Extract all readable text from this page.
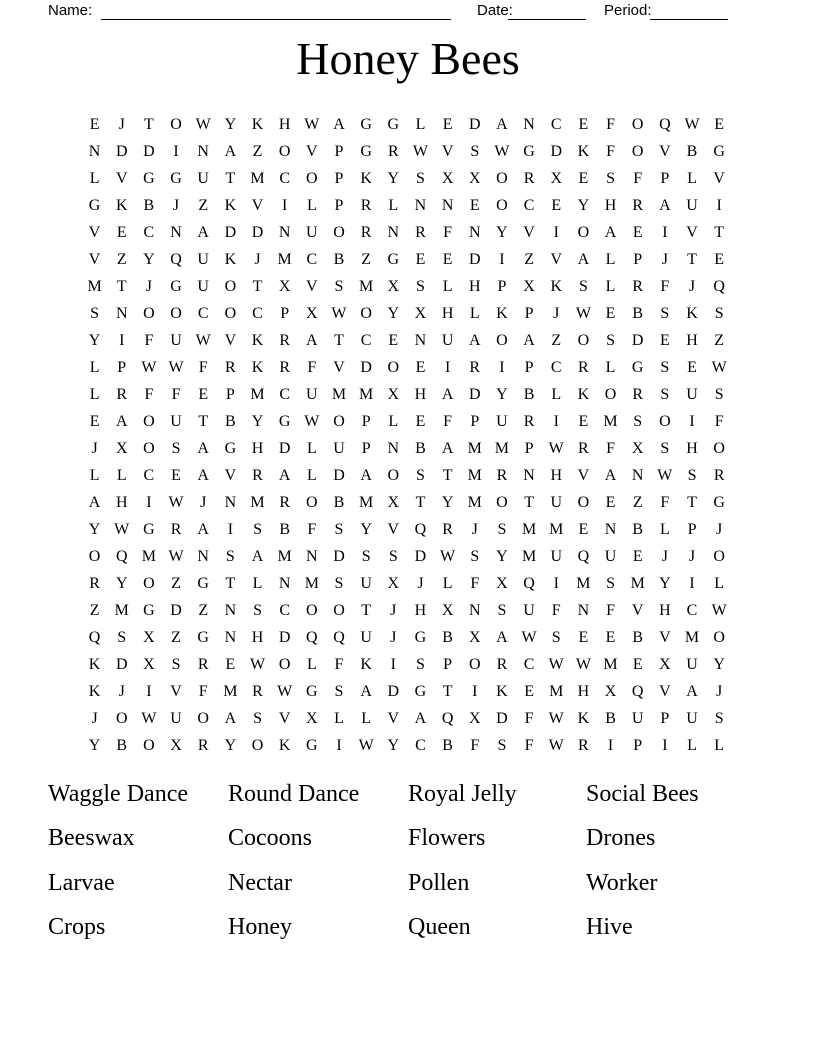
Name:	Date:	Period:
Honey Bees
E	J	T	O W Y K H W A G G	L	E	D A N	C	E	F	O Q W E
N D D	I	N A	Z	O V	P	G	R W V	S W G D K	F	O V	B	G
L	V G G U	T M C	O	P	K Y	S	X X O	R	X	E	S	F	P	L	V
G K	B	J	Z	K V	I	L	P	R	L	N N	E	O	C	E	Y H	R	A U	I
V	E	C	N A D D N U O	R	N	R	F	N Y V	I	O A	E	I	V	T
V	Z	Y Q U K	J	M C	B	Z	G	E	E	D	I	Z	V A	L	P	J	T	E
M T	J	G U O	T	X V	S M X	S	L	H	P	X K	S	L	R	F	J	Q
S	N O O	C	O	C	P	X W O Y X H	L	K	P	J	W E	B	S	K	S
Y	I	F	U W V K	R	A	T	C	E	N U A O A	Z	O	S	D	E	H	Z
L	P W W F	R	K	R	F	V D O	E	I	R	I	P	C	R	L	G	S	E W
L	R	F	F	E	P M C	U M M X H A D Y	B	L	K O	R	S	U	S
E	A O U	T	B	Y G W O	P	L	E	F	P	U	R	I	E M S	O	I	F
J	X O	S	A G H D	L	U	P	N	B	A M M P W R	F	X	S	H O
L	L	C	E	A V	R	A	L	D A O	S	T M R	N H V A N W S	R
A H	I	W	J	N M R	O	B M X	T	Y M O	T	U O	E	Z	F	T	G
Y W G	R	A	I	S	B	F	S	Y V Q	R	J	S M M E	N	B	L	P	J
O Q M W N	S	A M N D	S	S	D W S	Y M U Q U	E	J	J	O
R	Y O	Z	G	T	L	N M S	U X	J	L	F	X Q	I	M S M Y	I	L
Z M G D	Z	N	S	C	O O	T	J	H X N	S	U	F	N	F	V H	C W
Q	S	X	Z	G N H D Q Q U	J	G	B	X A W S	E	E	B	V M O
K D X	S	R	E W O	L	F	K	I	S	P	O	R	C W W M E	X U Y
K	J	I	V	F M R W G	S	A D G	T	I	K	E M H X Q V A	J
J	O W U O A	S	V X	L	L	V A Q X D	F W K	B	U	P	U	S
Y	B	O X	R	Y O K G	I	W Y	C	B	F	S	F W R	I	P	I	L	L
Waggle Dance	Round Dance	Royal Jelly	Social Bees
Beeswax	Cocoons	Flowers	Drones
Larvae	Nectar	Pollen	Worker
Crops	Honey	Queen	Hive
